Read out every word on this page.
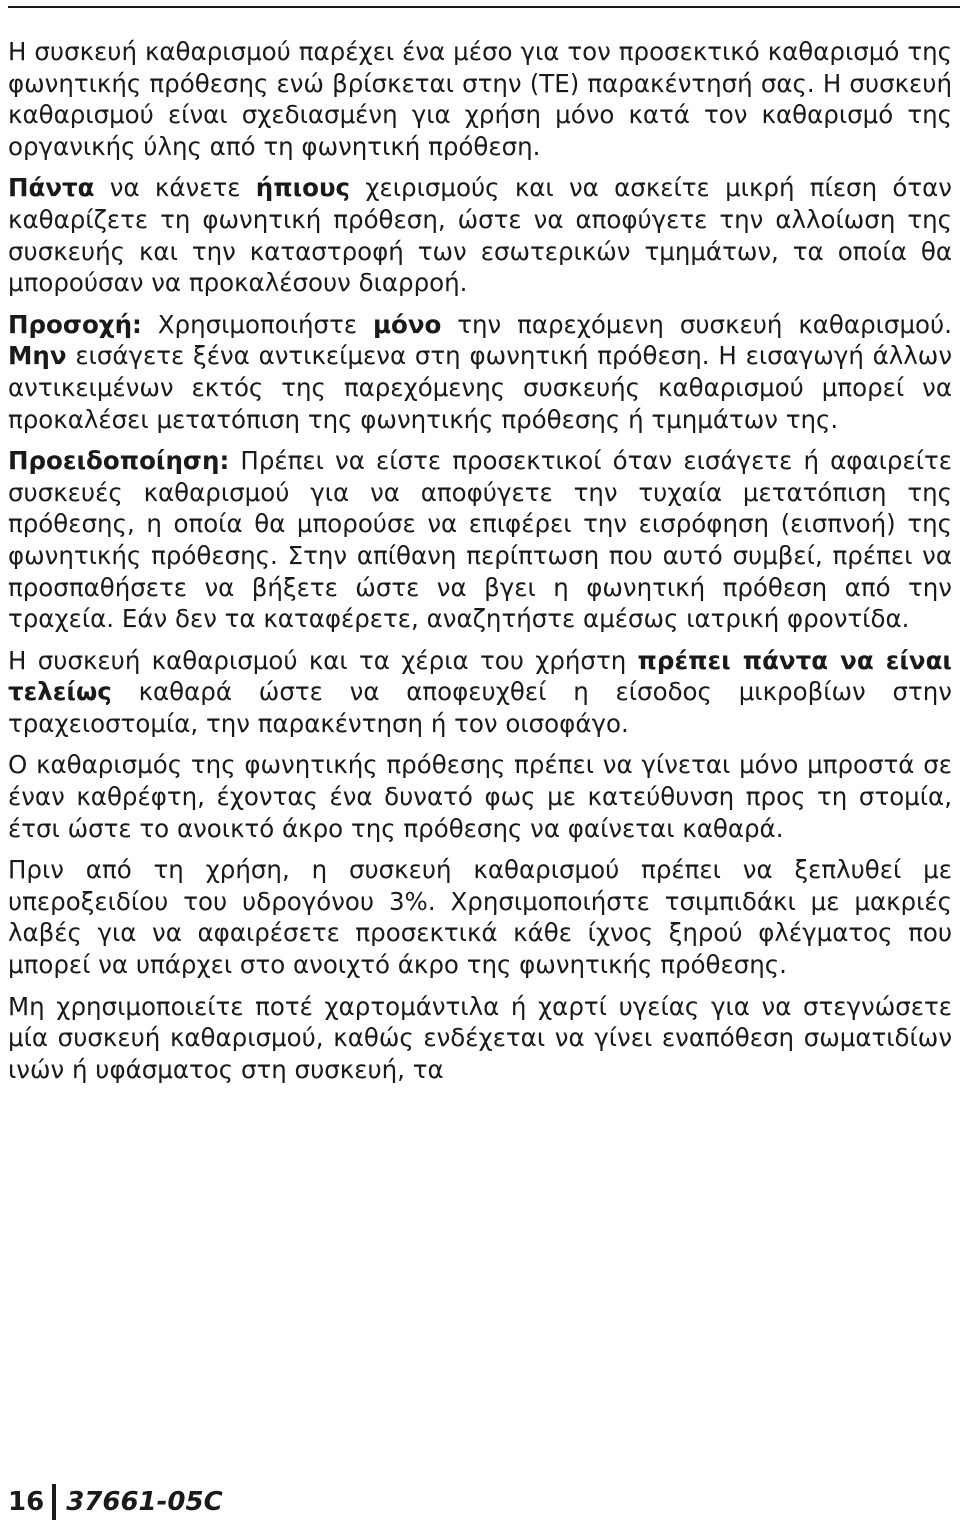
Η συσκευή καθαρισμού παρέχει ένα μέσο για τον προσεκτικό καθαρισμό της φωνητικής πρόθεσης ενώ βρίσκεται στην (ΤΕ) παρακέντησή σας. Η συσκευή καθαρισμού είναι σχεδιασμένη για χρήση μόνο κατά τον καθαρισμό της οργανικής ύλης από τη φωνητική πρόθεση.

Πάντα να κάνετε ήπιους χειρισμούς και να ασκείτε μικρή πίεση όταν καθαρίζετε τη φωνητική πρόθεση, ώστε να αποφύγετε την αλλοίωση της συσκευής και την καταστροφή των εσωτερικών τμημάτων, τα οποία θα μπορούσαν να προκαλέσουν διαρροή.

Προσοχή: Χρησιμοποιήστε μόνο την παρεχόμενη συσκευή καθαρισμού. Μην εισάγετε ξένα αντικείμενα στη φωνητική πρόθεση. Η εισαγωγή άλλων αντικειμένων εκτός της παρεχόμενης συσκευής καθαρισμού μπορεί να προκαλέσει μετατόπιση της φωνητικής πρόθεσης ή τμημάτων της.

Προειδοποίηση: Πρέπει να είστε προσεκτικοί όταν εισάγετε ή αφαιρείτε συσκευές καθαρισμού για να αποφύγετε την τυχαία μετατόπιση της πρόθεσης, η οποία θα μπορούσε να επιφέρει την εισρόφηση (εισπνοή) της φωνητικής πρόθεσης. Στην απίθανη περίπτωση που αυτό συμβεί, πρέπει να προσπαθήσετε να βήξετε ώστε να βγει η φωνητική πρόθεση από την τραχεία. Εάν δεν τα καταφέρετε, αναζητήστε αμέσως ιατρική φροντίδα.

Η συσκευή καθαρισμού και τα χέρια του χρήστη πρέπει πάντα να είναι τελείως καθαρά ώστε να αποφευχθεί η είσοδος μικροβίων στην τραχειοστομία, την παρακέντηση ή τον οισοφάγο.

Ο καθαρισμός της φωνητικής πρόθεσης πρέπει να γίνεται μόνο μπροστά σε έναν καθρέφτη, έχοντας ένα δυνατό φως με κατεύθυνση προς τη στομία, έτσι ώστε το ανοικτό άκρο της πρόθεσης να φαίνεται καθαρά.

Πριν από τη χρήση, η συσκευή καθαρισμού πρέπει να ξεπλυθεί με υπεροξειδίου του υδρογόνου 3%. Χρησιμοποιήστε τσιμπιδάκι με μακριές λαβές για να αφαιρέσετε προσεκτικά κάθε ίχνος ξηρού φλέγματος που μπορεί να υπάρχει στο ανοιχτό άκρο της φωνητικής πρόθεσης.

Μη χρησιμοποιείτε ποτέ χαρτομάντιλα ή χαρτί υγείας για να στεγνώσετε μία συσκευή καθαρισμού, καθώς ενδέχεται να γίνει εναπόθεση σωματιδίων ινών ή υφάσματος στη συσκευή, τα

16 37661-05C
